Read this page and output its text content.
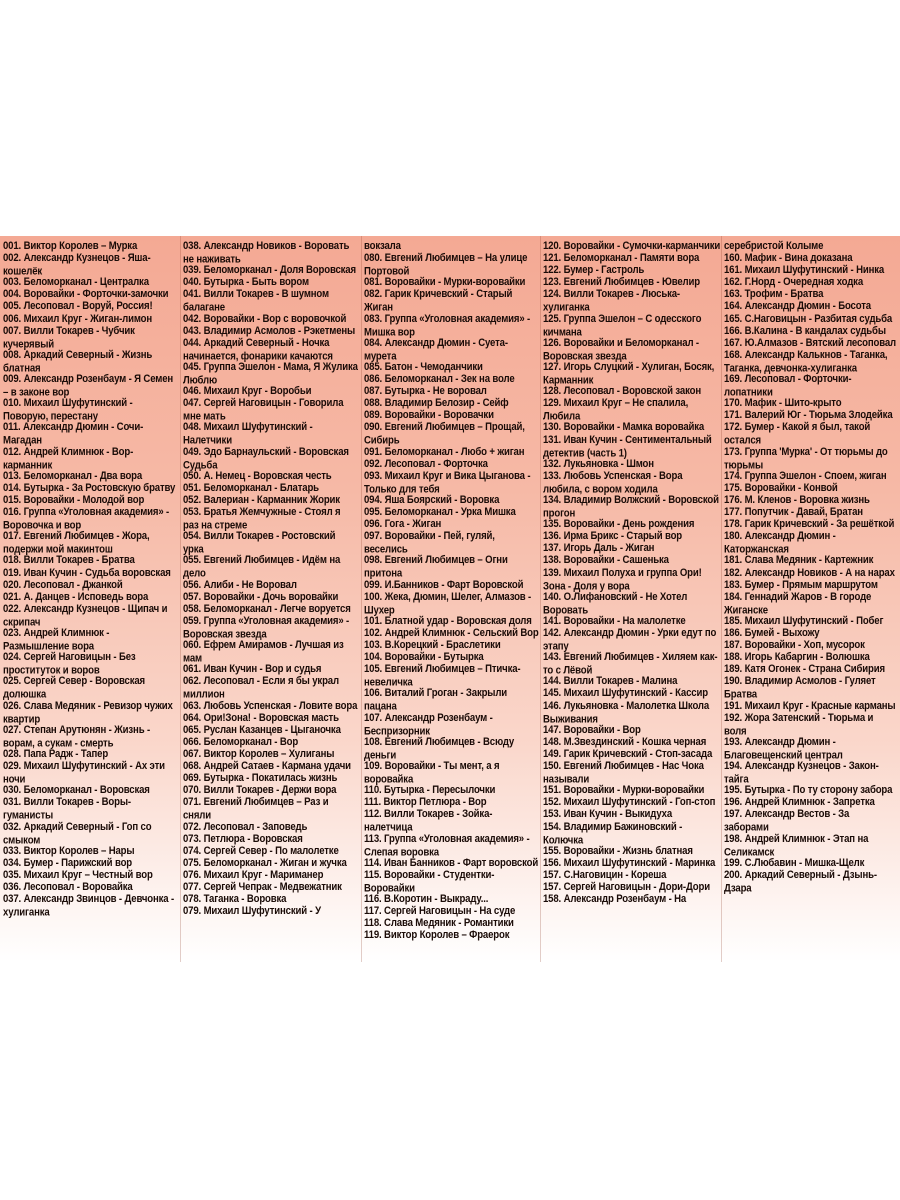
001. Виктор Королев – Мурка
002. Александр Кузнецов - Яша-кошелёк
003. Беломорканал - Централка
004. Воровайки - Форточки-замочки
005. Лесоповал - Воруй, Россия!
006. Михаил Круг - Жиган-лимон
007. Вилли Токарев - Чубчик кучерявый
008. Аркадий Северный - Жизнь блатная
009. Александр Розенбаум - Я Семен – в законе вор
010. Михаил Шуфутинский - Поворую, перестану
011. Александр Дюмин - Сочи-Магадан
012. Андрей Климнюк - Вор-карманник
013. Беломорканал - Два вора
014. Бутырка - За Ростовскую братву
015. Воровайки - Молодой вор
016. Группа «Уголовная академия» - Воровочка и вор
017. Евгений Любимцев - Жора, подержи мой макинтош
018. Вилли Токарев - Братва
019. Иван Кучин - Судьба воровская
020. Лесоповал - Джанкой
021. А. Данцев - Исповедь вора
022. Александр Кузнецов - Щипач и скрипач
023. Андрей Климнюк - Размышление вора
024. Сергей Наговицын - Без проституток и воров
025. Сергей Север - Воровская долюшка
026. Слава Медяник - Ревизор чужих квартир
027. Степан Арутюнян - Жизнь - ворам, а сукам - смерть
028. Папа Радж - Тапер
029. Михаил Шуфутинский - Ах эти ночи
030. Беломорканал - Воровская
031. Вилли Токарев - Воры-гуманисты
032. Аркадий Северный - Гоп со смыком
033. Виктор Королев – Нары
034. Бумер - Парижский вор
035. Михаил Круг – Честный вор
036. Лесоповал - Воровайка
037. Александр Звинцов - Девчонка - хулиганка
038. Александр Новиков - Воровать не наживать
039. Беломорканал - Доля Воровская
040. Бутырка - Быть вором
041. Вилли Токарев - В шумном балагане
042. Воровайки - Вор с воровочкой
043. Владимир Асмолов - Рэкетмены
044. Аркадий Северный - Ночка начинается, фонарики качаются
045. Группа Эшелон - Мама, Я Жулика Люблю
046. Михаил Круг - Воробьи
047. Сергей Наговицын - Говорила мне мать
048. Михаил Шуфутинский - Налетчики
049. Эдо Барнаульский - Воровская Судьба
050. А. Немец - Воровская честь
051. Беломорканал - Блатарь
052. Валериан - Карманник Жорик
053. Братья Жемчужные - Стоял я раз на стреме
054. Вилли Токарев - Ростовский урка
055. Евгений Любимцев - Идём на дело
056. Алиби - Не Воровал
057. Воровайки - Дочь воровайки
058. Беломорканал - Легче воруется
059. Группа «Уголовная академия» - Воровская звезда
060. Ефрем Амирамов - Лучшая из мам
061. Иван Кучин - Вор и судья
062. Лесоповал - Если я бы украл миллион
063. Любовь Успенская - Ловите вора
064. Ори!Зона! - Воровская масть
065. Руслан Казанцев - Цыганочка
066. Беломорканал - Вор
067. Виктор Королев – Хулиганы
068. Андрей Сатаев - Кармана удачи
069. Бутырка - Покатилась жизнь
070. Вилли Токарев - Держи вора
071. Евгений Любимцев – Раз и сняли
072. Лесоповал - Заповедь
073. Петлюра - Воровская
074. Сергей Север - По малолетке
075. Беломорканал - Жиган и жучка
076. Михаил Круг - Мариманер
077. Сергей Чепрак - Медвежатник
078. Таганка - Воровка
079. Михаил Шуфутинский - У
вокзала
080. Евгений Любимцев – На улице Портовой
081. Воровайки - Мурки-воровайки
082. Гарик Кричевский - Старый Жиган
083. Группа «Уголовная академия» - Мишка вор
084. Александр Дюмин - Суета-мурета
085. Батон - Чемоданчики
086. Беломорканал - Зек на воле
087. Бутырка - Не воровал
088. Владимир Белозир - Сейф
089. Воровайки - Воровачки
090. Евгений Любимцев – Прощай, Сибирь
091. Беломорканал - Любо + жиган
092. Лесоповал - Форточка
093. Михаил Круг и Вика Цыганова - Только для тебя
094. Яша Боярский - Воровка
095. Беломорканал - Урка Мишка
096. Гога - Жиган
097. Воровайки - Пей, гуляй, веселись
098. Евгений Любимцев – Огни притона
099. И.Банников - Фарт Воровской
100. Жека, Дюмин, Шелег, Алмазов - Шухер
101. Блатной удар - Воровская доля
102. Андрей Климнюк - Сельский Вор
103. В.Корецкий - Браслетики
104. Воровайки - Бутырка
105. Евгений Любимцев – Птичка-невеличка
106. Виталий Гроган - Закрыли пацана
107. Александр Розенбаум - Беспризорник
108. Евгений Любимцев - Всюду деньги
109. Воровайки - Ты мент, а я воровайка
110. Бутырка - Пересылочки
111. Виктор Петлюра - Вор
112. Вилли Токарев - Зойка-налетчица
113. Группа «Уголовная академия» - Слепая воровка
114. Иван Банников - Фарт воровской
115. Воровайки - Студентки-Воровайки
116. В.Коротин - Выкраду...
117. Сергей Наговицын - На суде
118. Слава Медяник - Романтики
119. Виктор Королев – Фраерок
120. Воровайки - Сумочки-карманчики
121. Беломорканал - Памяти вора
122. Бумер - Гастроль
123. Евгений Любимцев - Ювелир
124. Вилли Токарев - Люська-хулиганка
125. Группа Эшелон – С одесского кичмана
126. Воровайки и Беломорканал - Воровская звезда
127. Игорь Слуцкий - Хулиган, Босяк, Карманник
128. Лесоповал - Воровской закон
129. Михаил Круг – Не спалила, Любила
130. Воровайки - Мамка воровайка
131. Иван Кучин - Сентиментальный детектив (часть 1)
132. Лукьяновка - Шмон
133. Любовь Успенская - Вора любила, с вором ходила
134. Владимир Волжский - Воровской прогон
135. Воровайки - День рождения
136. Ирма Брикс - Старый вор
137. Игорь Даль - Жиган
138. Воровайки - Сашенька
139. Михаил Полуха и группа Ори!Зона - Доля у вора
140. О.Лифановский - Не Хотел Воровать
141. Воровайки - На малолетке
142. Александр Дюмин - Урки едут по этапу
143. Евгений Любимцев - Хиляем как-то с Лёвой
144. Вилли Токарев - Малина
145. Михаил Шуфутинский - Кассир
146. Лукьяновка - Малолетка Школа Выживания
147. Воровайки - Вор
148. М.Звездинский - Кошка черная
149. Гарик Кричевский - Стоп-засада
150. Евгений Любимцев - Нас Чока называли
151. Воровайки - Мурки-воровайки
152. Михаил Шуфутинский - Гоп-стоп
153. Иван Кучин - Выкидуха
154. Владимир Бажиновский - Колючка
155. Воровайки - Жизнь блатная
156. Михаил Шуфутинский - Маринка
157. С.Наговицин - Кореша
157. Сергей Наговицын - Дори-Дори
158. Александр Розенбаум - На
серебристой Колыме
160. Мафик - Вина доказана
161. Михаил Шуфутинский - Нинка
162. Г.Норд - Очередная ходка
163. Трофим - Братва
164. Александр Дюмин - Босота
165. С.Наговицын - Разбитая судьба
166. В.Калина - В кандалах судьбы
167. Ю.Алмазов - Вятский лесоповал
168. Александр Калькнов - Таганка, Таганка, девчонка-хулиганка
169. Лесоповал - Форточки-лопатники
170. Мафик - Шито-крыто
171. Валерий Юг - Тюрьма Злодейка
172. Бумер - Какой я был, такой остался
173. Группа 'Мурка' - От тюрьмы до тюрьмы
174. Группа Эшелон - Споем, жиган
175. Воровайки - Конвой
176. М. Кленов - Воровка жизнь
177. Попутчик - Давай, Братан
178. Гарик Кричевский - За решёткой
180. Александр Дюмин - Каторжанская
181. Слава Медяник - Картежник
182. Александр Новиков - А на нарах
183. Бумер - Прямым маршрутом
184. Геннадий Жаров - В городе Жиганске
185. Михаил Шуфутинский - Побег
186. Бумей - Выхожу
187. Воровайки - Хоп, мусорок
188. Игорь Кабаргин - Волюшка
189. Катя Огонек - Страна Сибирия
190. Владимир Асмолов - Гуляет Братва
191. Михаил Круг - Красные карманы
192. Жора Затенский - Тюрьма и воля
193. Александр Дюмин - Благовещенский централ
194. Александр Кузнецов - Закон-тайга
195. Бутырка - По ту сторону забора
196. Андрей Климнюк - Запретка
197. Александр Вестов - За заборами
198. Андрей Климнюк - Этап на Селикамск
199. С.Любавин - Мишка-Щелк
200. Аркадий Северный - Дзынь-Дзара
